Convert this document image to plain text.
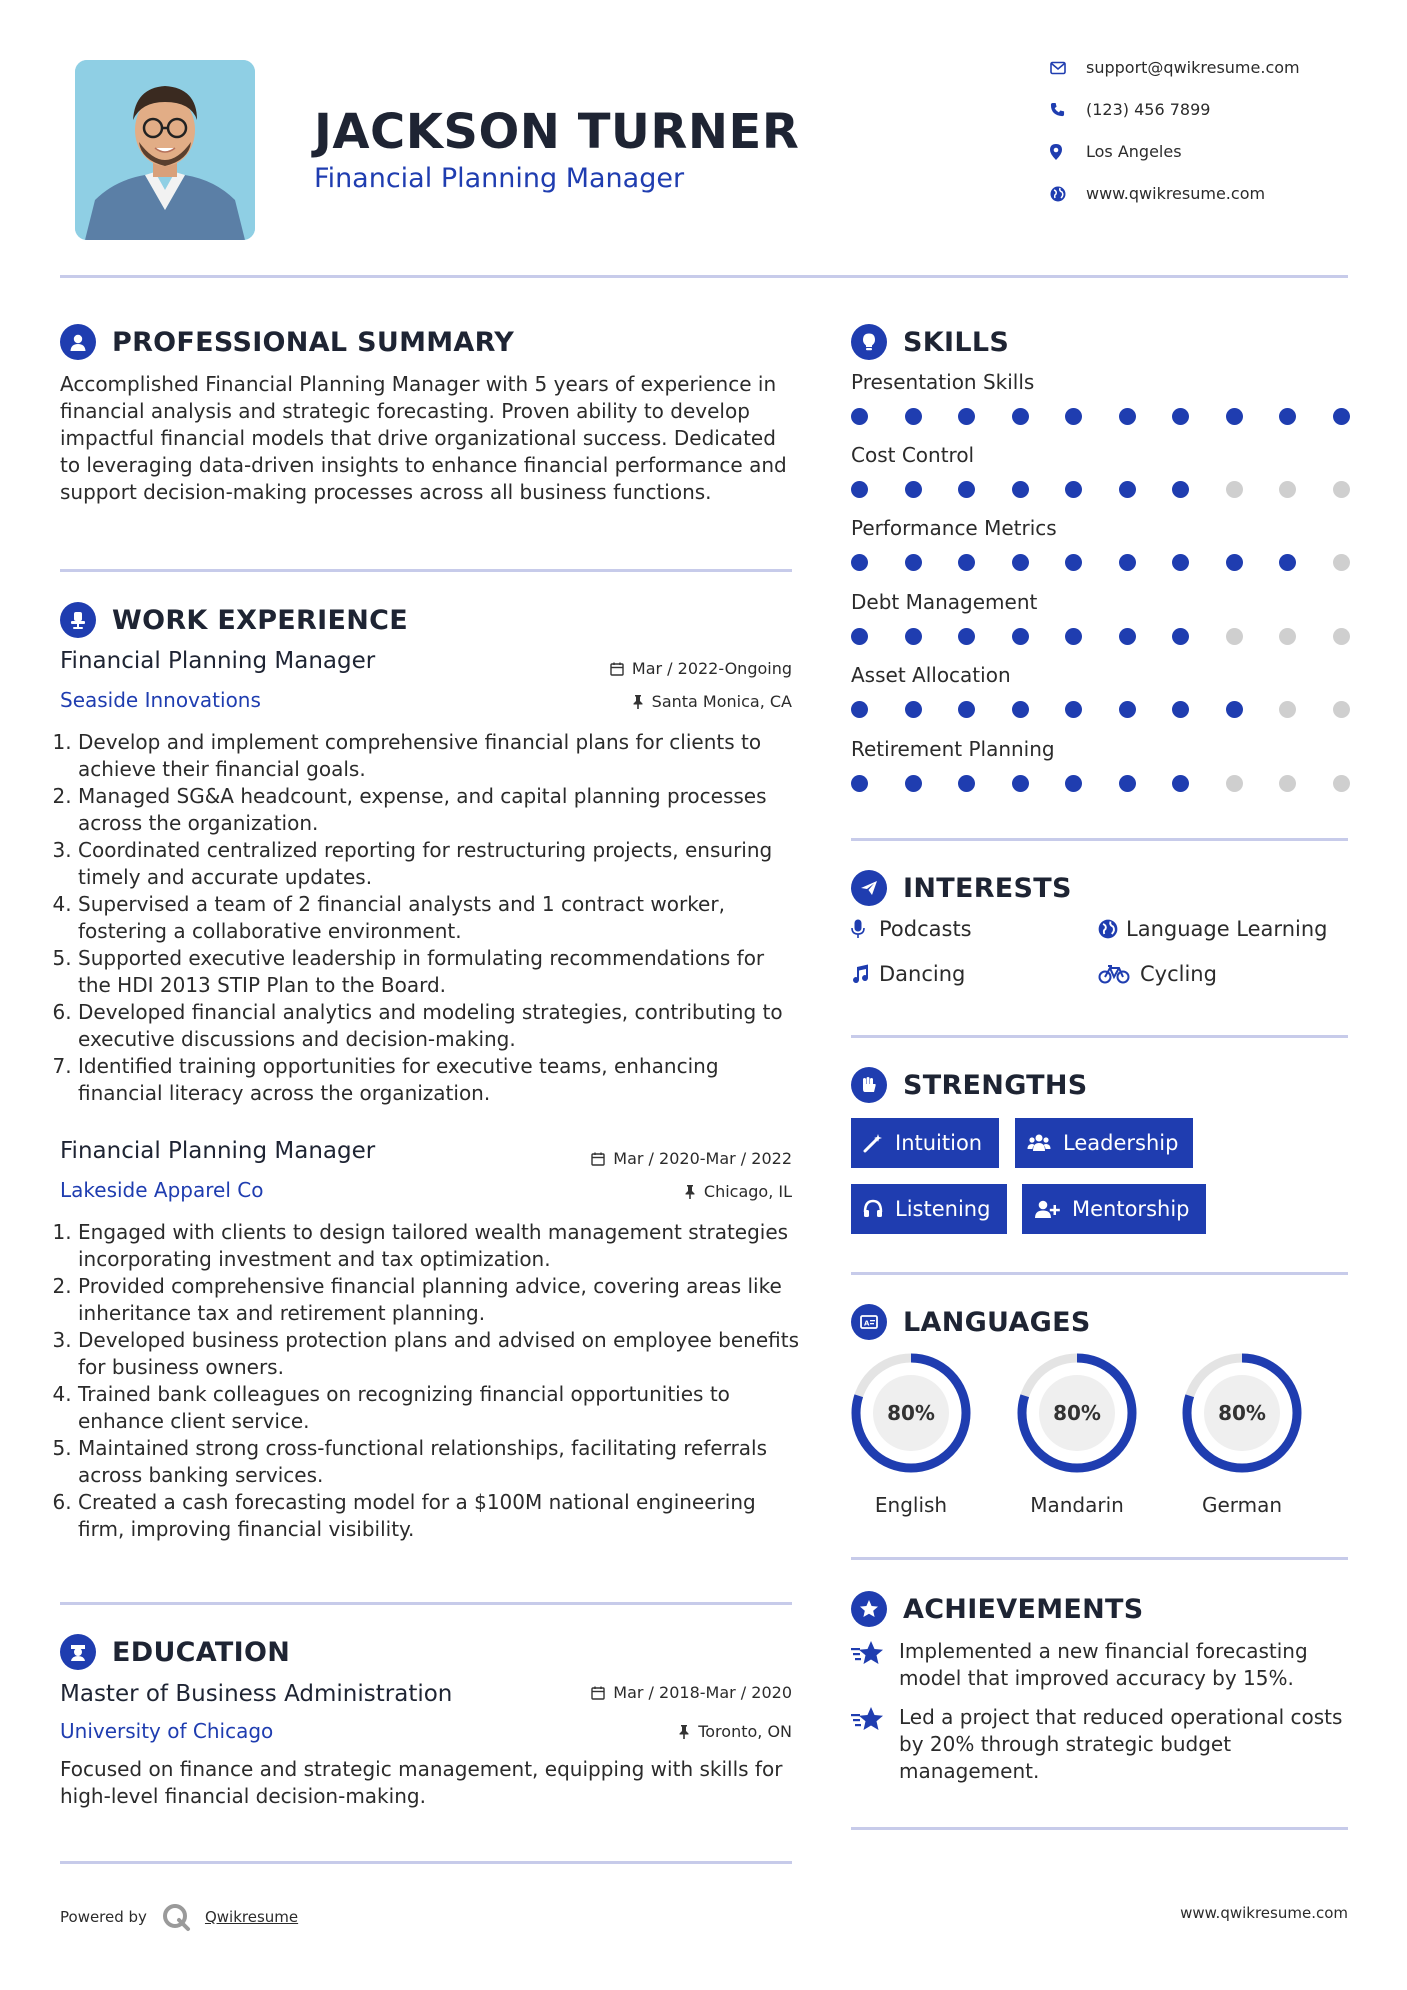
JACKSON TURNER
Financial Planning Manager
support@qwikresume.com
(123) 456 7899
Los Angeles
www.qwikresume.com
PROFESSIONAL SUMMARY
Accomplished Financial Planning Manager with 5 years of experience in financial analysis and strategic forecasting. Proven ability to develop impactful financial models that drive organizational success. Dedicated to leveraging data-driven insights to enhance financial performance and support decision-making processes across all business functions.
WORK EXPERIENCE
Financial Planning Manager	Mar / 2022-Ongoing
Seaside Innovations	Santa Monica, CA
1. Develop and implement comprehensive financial plans for clients to achieve their financial goals.
2. Managed SG&A headcount, expense, and capital planning processes across the organization.
3. Coordinated centralized reporting for restructuring projects, ensuring timely and accurate updates.
4. Supervised a team of 2 financial analysts and 1 contract worker, fostering a collaborative environment.
5. Supported executive leadership in formulating recommendations for the HDI 2013 STIP Plan to the Board.
6. Developed financial analytics and modeling strategies, contributing to executive discussions and decision-making.
7. Identified training opportunities for executive teams, enhancing financial literacy across the organization.
Financial Planning Manager	Mar / 2020-Mar / 2022
Lakeside Apparel Co	Chicago, IL
1. Engaged with clients to design tailored wealth management strategies incorporating investment and tax optimization.
2. Provided comprehensive financial planning advice, covering areas like inheritance tax and retirement planning.
3. Developed business protection plans and advised on employee benefits for business owners.
4. Trained bank colleagues on recognizing financial opportunities to enhance client service.
5. Maintained strong cross-functional relationships, facilitating referrals across banking services.
6. Created a cash forecasting model for a $100M national engineering firm, improving financial visibility.
EDUCATION
Master of Business Administration	Mar / 2018-Mar / 2020
University of Chicago	Toronto, ON
Focused on finance and strategic management, equipping with skills for high-level financial decision-making.
SKILLS
Presentation Skills
Cost Control
Performance Metrics
Debt Management
Asset Allocation
Retirement Planning
INTERESTS
Podcasts	Language Learning
Dancing	Cycling
STRENGTHS
Intuition	Leadership
Listening	Mentorship
A LANGUAGES
80%
English
80%
Mandarin
80%
German
ACHIEVEMENTS
Implemented a new financial forecasting model that improved accuracy by 15%.
Led a project that reduced operational costs by 20% through strategic budget management.
Powered by	Qwikresume	www.qwikresume.com
